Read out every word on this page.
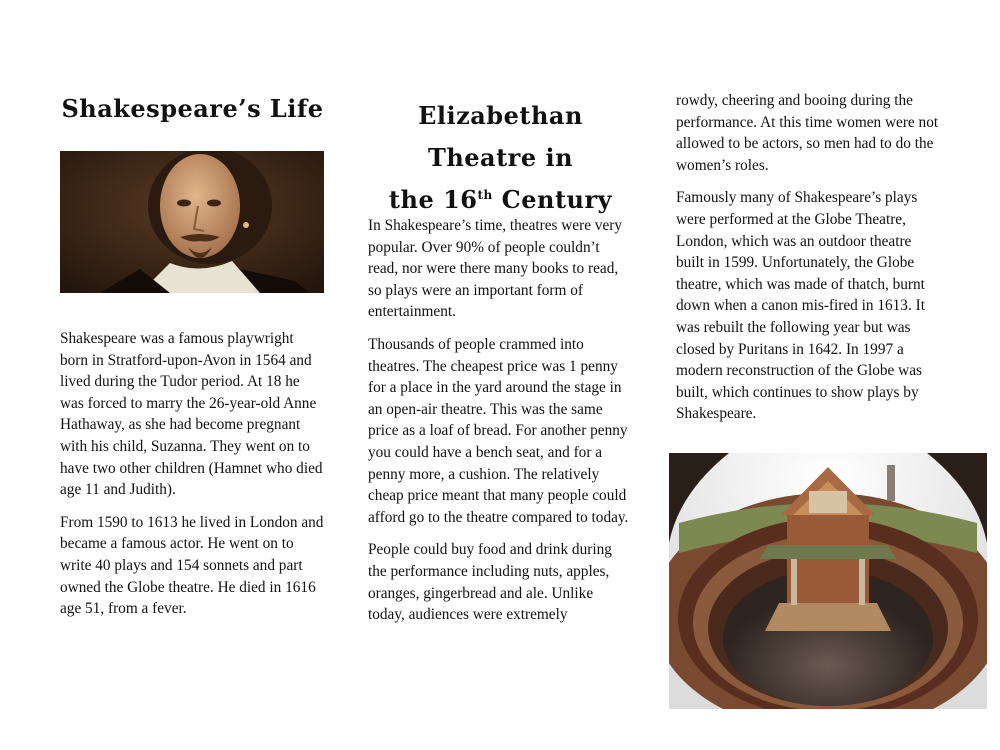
Shakespeare’s Life

Shakespeare was a famous playwright born in Stratford-upon-Avon in 1564 and lived during the Tudor period. At 18 he was forced to marry the 26-year-old Anne Hathaway, as she had become pregnant with his child, Suzanna. They went on to have two other children (Hamnet who died age 11 and Judith).

From 1590 to 1613 he lived in London and became a famous actor. He went on to write 40 plays and 154 sonnets and part owned the Globe theatre. He died in 1616 age 51, from a fever.

Elizabethan Theatre in
the 16th Century

In Shakespeare’s time, theatres were very popular. Over 90% of people couldn’t read, nor were there many books to read, so plays were an important form of entertainment.

Thousands of people crammed into theatres. The cheapest price was 1 penny for a place in the yard around the stage in an open-air theatre. This was the same price as a loaf of bread. For another penny you could have a bench seat, and for a penny more, a cushion. The relatively cheap price meant that many people could afford go to the theatre compared to today.

People could buy food and drink during the performance including nuts, apples, oranges, gingerbread and ale. Unlike today, audiences were extremely

rowdy, cheering and booing during the performance. At this time women were not allowed to be actors, so men had to do the women’s roles.

Famously many of Shakespeare’s plays were performed at the Globe Theatre, London, which was an outdoor theatre built in 1599. Unfortunately, the Globe theatre, which was made of thatch, burnt down when a canon mis-fired in 1613. It was rebuilt the following year but was closed by Puritans in 1642. In 1997 a modern reconstruction of the Globe was built, which continues to show plays by Shakespeare.
